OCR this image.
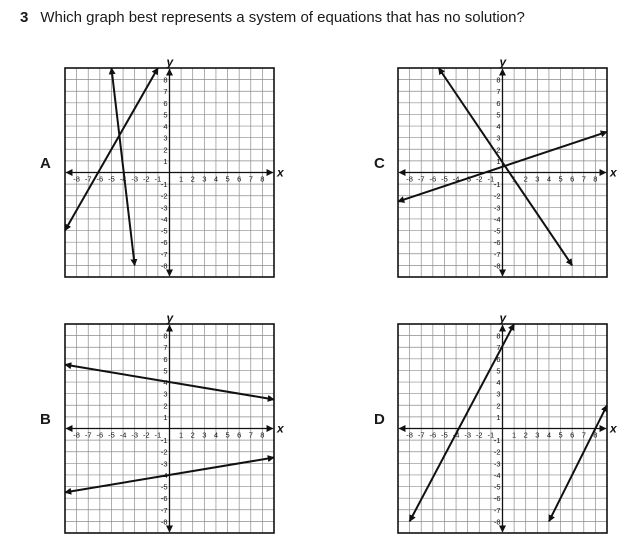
3 Which graph best represents a system of equations that has no solution?
A	C
B	D
x
y
-1 1
1
-1
-2	2
2
-2
-3	3
3
-3
-4	4
4
-4
-5	5
5
-5
-6	6
6
-6
-7	7
7
-7
-8	8
8
-8
x
y
-1 1
1
-1
-2	2
2
-2
-3	3
3
-3
-4	4
4
-4
-5	5
5
-5
-6	6
6
-6
-7	7
7
-7
-8	8
8
-8
x
y
-1 1
1
-1
-2	2
2
-2
-3	3
3
-3
-4	4
4
-4
-5	5
5
-5
-6	6
6
-6
-7	7
7
-7
-8	8
8
-8
x
y
-1 1
1
-1
-2	2
2
-2
-3	3
3
-3
-4	4
4
-4
-5	5
5
-5
-6	6
6
-6
-7	7
7
-7
-8	8
8
-8
